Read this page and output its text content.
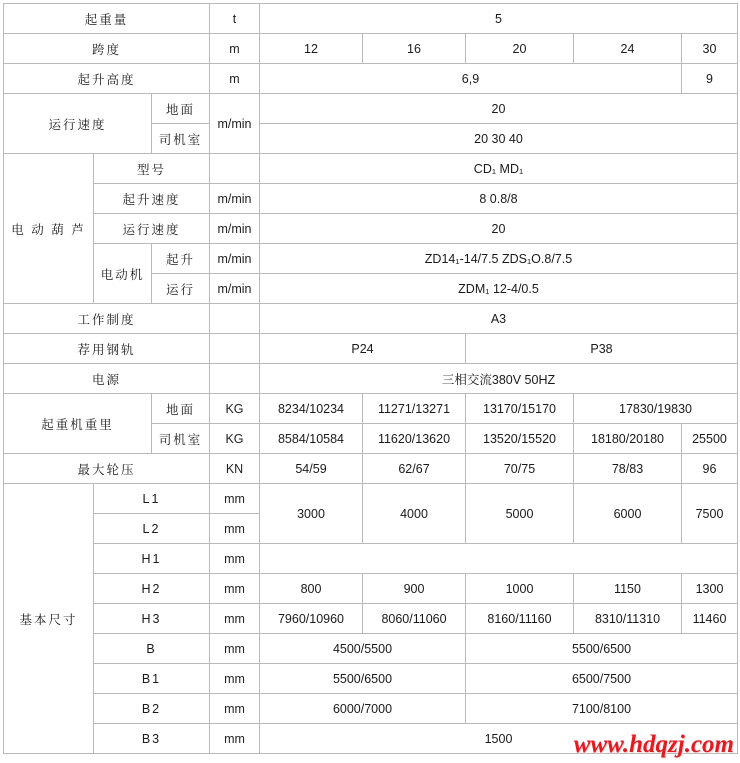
起重量			t	5				
跨度			m	12	16	20	24	30
起升高度			m	6,9				9
运行速度		地面	m/min	20				
		司机室		20 30 40				
电 动 葫 芦	型号			CD₁ MD₁				
	起升速度		m/min	8 0.8/8				
	运行速度		m/min	20				
	电动机	起升	m/min	ZD14₁-14/7.5 ZDS₁O.8/7.5				
		运行	m/min	ZDM₁ 12-4/0.5				
工作制度				A3				
荐用钢轨				P24		P38		
电源				三相交流380V 50HZ				
起重机重里		地面	KG	8234/10234	11271/13271	13170/15170	17830/19830	
		司机室	KG	8584/10584	11620/13620	13520/15520	18180/20180	25500
最大轮压			KN	54/59	62/67	70/75	78/83	96
基本尺寸	L1		mm	3000	4000	5000	6000	7500
	L2		mm					
	H1		mm					
	H2		mm	800	900	1000	1150	1300
	H3		mm	7960/10960	8060/11060	8160/11160	8310/11310	11460
	B		mm	4500/5500		5500/6500		
	B1		mm	5500/6500		6500/7500		
	B2		mm	6000/7000		7100/8100		
	B3		mm	1500				www.hdqzj.com
